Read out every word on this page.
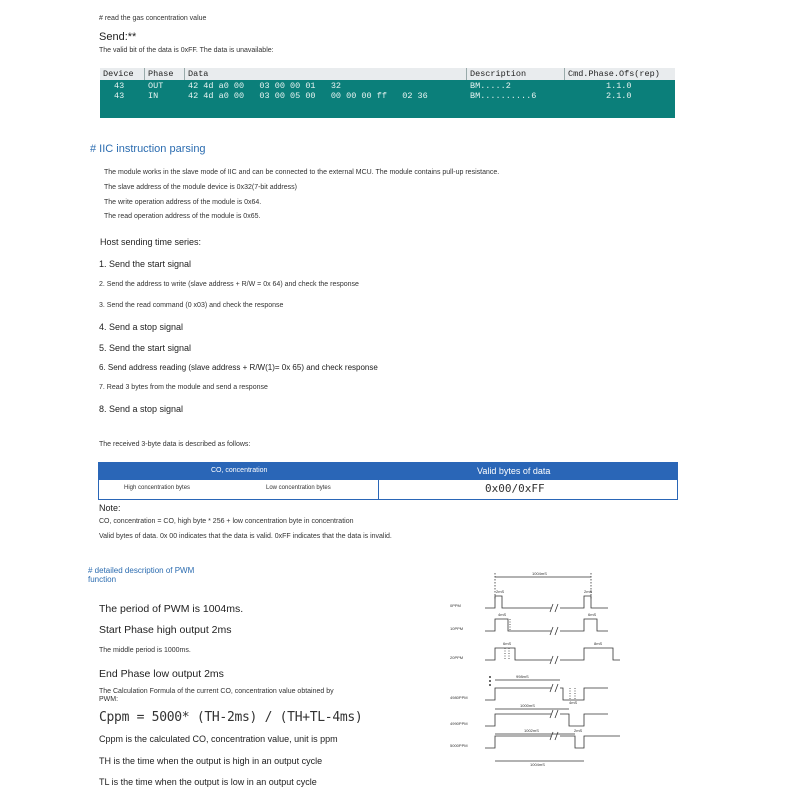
# read the gas concentration value
Send:**
The valid bit of the data is 0xFF. The data is unavailable:
Device Phase Data	Description	Cmd.Phase.Ofs(rep)
43	OUT	42 4d a0 00   03 00 00 01   32	BM.....2	1.1.0
43	IN	42 4d a0 00   03 00 05 00   00 00 00 ff   02 36	BM..........6	2.1.0
# IIC instruction parsing
The module works in the slave mode of IIC and can be connected to the external MCU. The module contains pull-up resistance.
The slave address of the module device is 0x32(7-bit address)
The write operation address of the module is 0x64.
The read operation address of the module is 0x65.
Host sending time series:
1. Send the start signal
2. Send the address to write (slave address + R/W = 0x 64) and check the response
3. Send the read command (0 x03) and check the response
4. Send a stop signal
5. Send the start signal
6. Send address reading (slave address + R/W(1)= 0x 65) and check response
7. Read 3 bytes from the module and send a response
8. Send a stop signal
The received 3-byte data is described as follows:
CO, concentration	Valid bytes of data
High concentration bytes	Low concentration bytes	0x00/0xFF
Note:
CO, concentration = CO, high byte * 256 + low concentration byte in concentration
Valid bytes of data. 0x 00 indicates that the data is valid. 0xFF indicates that the data is invalid.
# detailed description of PWM
function
The period of PWM is 1004ms.
Start Phase high output 2ms
The middle period is 1000ms.
End Phase low output 2ms
The Calculation Formula of the current CO, concentration value obtained by
PWM:
Cppm = 5000* (TH-2ms) / (TH+TL-4ms)
Cppm is the calculated CO, concentration value, unit is ppm
TH is the time when the output is high in an output cycle
TL is the time when the output is low in an output cycle
1004mS
0PPM
2mS	2mS
10PPM
4mS	6mS
20PPM
6mS	8mS
4980PPM
998mS
4990PPM
1000mS
5000PPM
1002mS	2mS
1004mS
4mS
